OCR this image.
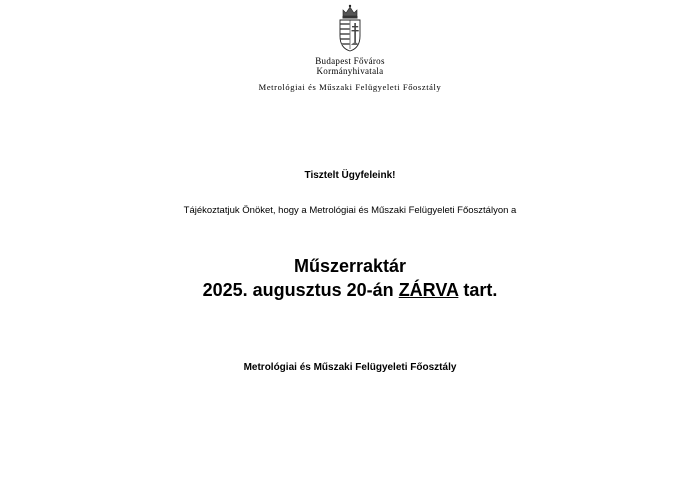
Budapest Főváros
Kormányhivatala
Metrológiai és Műszaki Felügyeleti Főosztály
Tisztelt Ügyfeleink!
Tájékoztatjuk Önöket, hogy a Metrológiai és Műszaki Felügyeleti Főosztályon a
Műszerraktár
2025. augusztus 20-án ZÁRVA tart.
Metrológiai és Műszaki Felügyeleti Főosztály
